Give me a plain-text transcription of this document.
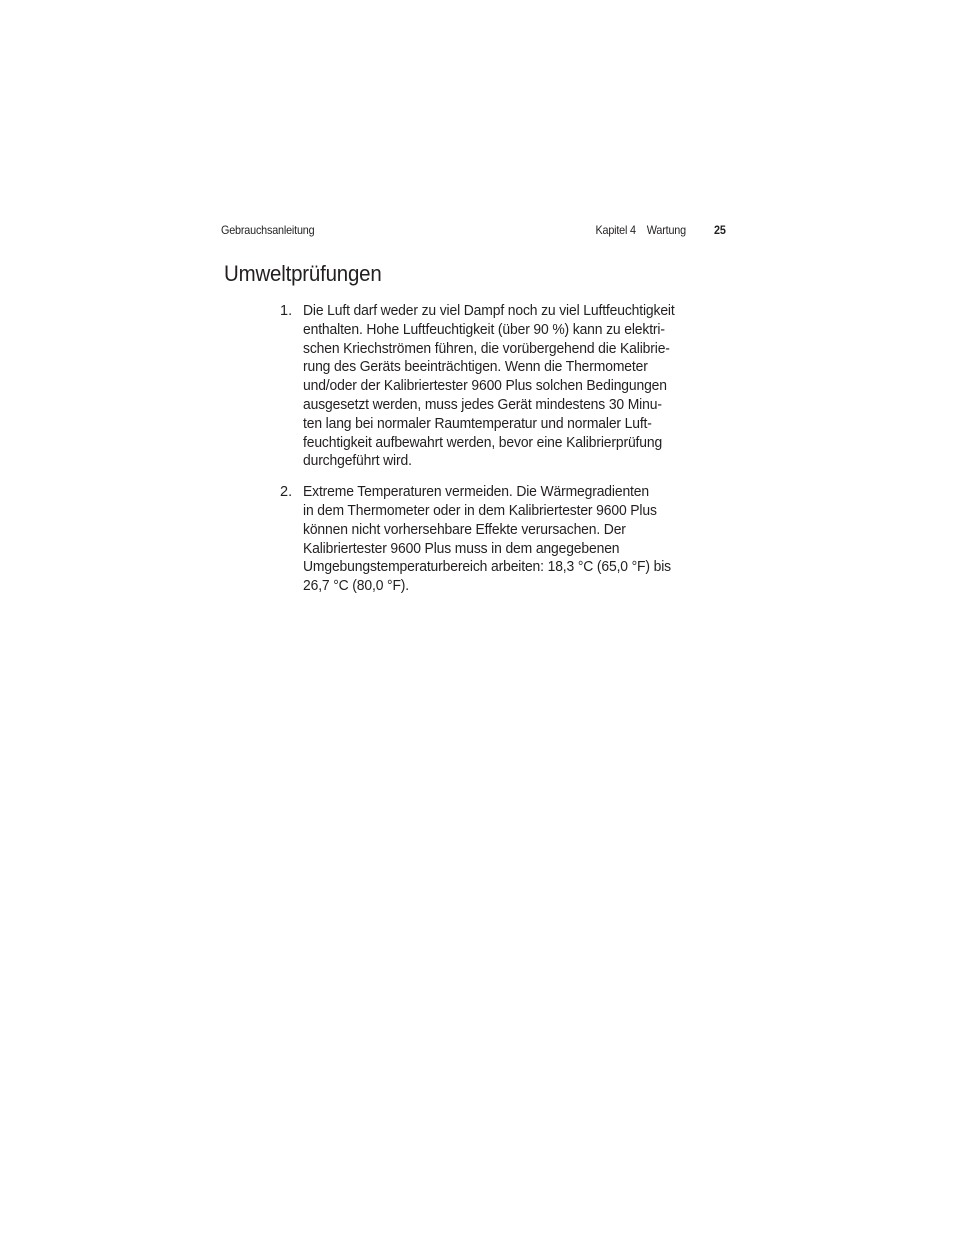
Gebrauchsanleitung	Kapitel 4 Wartung 25
Umweltprüfungen
1. Die Luft darf weder zu viel Dampf noch zu viel Luftfeuchtigkeit
enthalten. Hohe Luftfeuchtigkeit (über 90 %) kann zu elektri-
schen Kriechströmen führen, die vorübergehend die Kalibrie-
rung des Geräts beeinträchtigen. Wenn die Thermometer
und/oder der Kalibriertester 9600 Plus solchen Bedingungen
ausgesetzt werden, muss jedes Gerät mindestens 30 Minu-
ten lang bei normaler Raumtemperatur und normaler Luft-
feuchtigkeit aufbewahrt werden, bevor eine Kalibrierprüfung
durchgeführt wird.
2. Extreme Temperaturen vermeiden. Die Wärmegradienten
in dem Thermometer oder in dem Kalibriertester 9600 Plus
können nicht vorhersehbare Effekte verursachen. Der
Kalibriertester 9600 Plus muss in dem angegebenen
Umgebungstemperaturbereich arbeiten: 18,3 °C (65,0 °F) bis
26,7 °C (80,0 °F).
